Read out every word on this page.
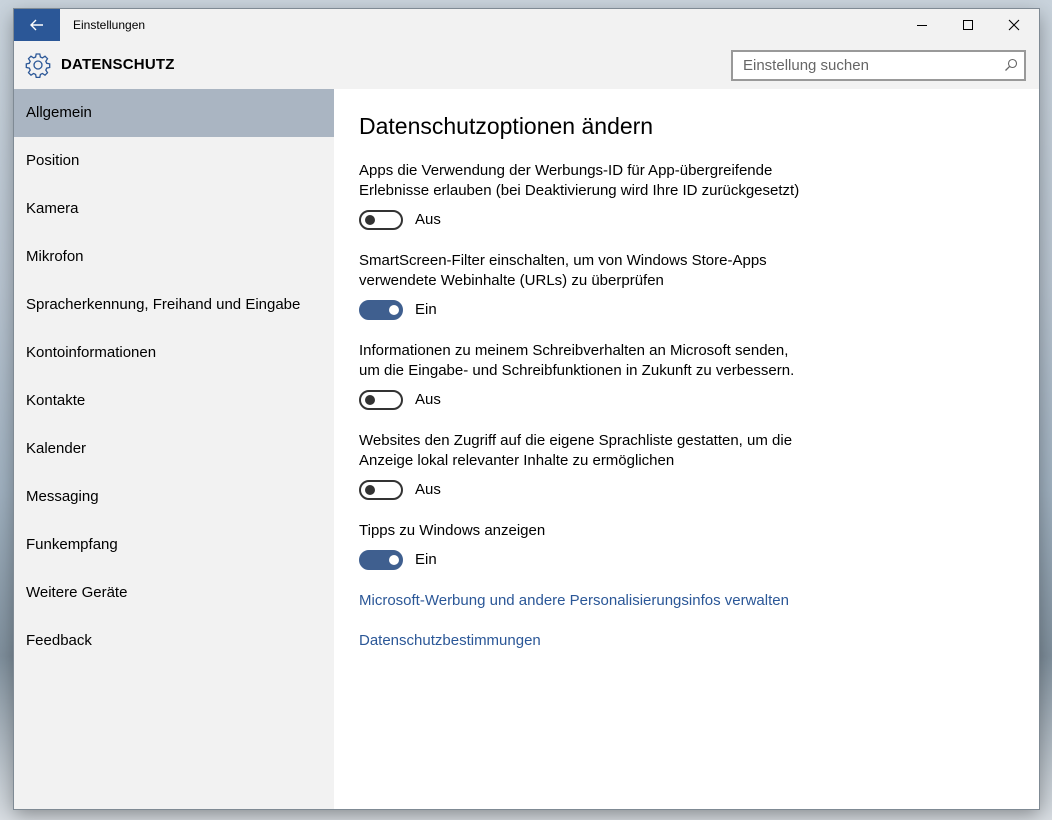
Einstellungen
DATENSCHUTZ
Einstellung suchen
Allgemein
Position
Kamera
Mikrofon
Spracherkennung, Freihand und Eingabe
Kontoinformationen
Kontakte
Kalender
Messaging
Funkempfang
Weitere Geräte
Feedback
Datenschutzoptionen ändern
Apps die Verwendung der Werbungs-ID für App-übergreifende
Erlebnisse erlauben (bei Deaktivierung wird Ihre ID zurückgesetzt)
Aus
SmartScreen-Filter einschalten, um von Windows Store-Apps
verwendete Webinhalte (URLs) zu überprüfen
Ein
Informationen zu meinem Schreibverhalten an Microsoft senden,
um die Eingabe- und Schreibfunktionen in Zukunft zu verbessern.
Aus
Websites den Zugriff auf die eigene Sprachliste gestatten, um die
Anzeige lokal relevanter Inhalte zu ermöglichen
Aus
Tipps zu Windows anzeigen
Ein
Microsoft-Werbung und andere Personalisierungsinfos verwalten
Datenschutzbestimmungen
